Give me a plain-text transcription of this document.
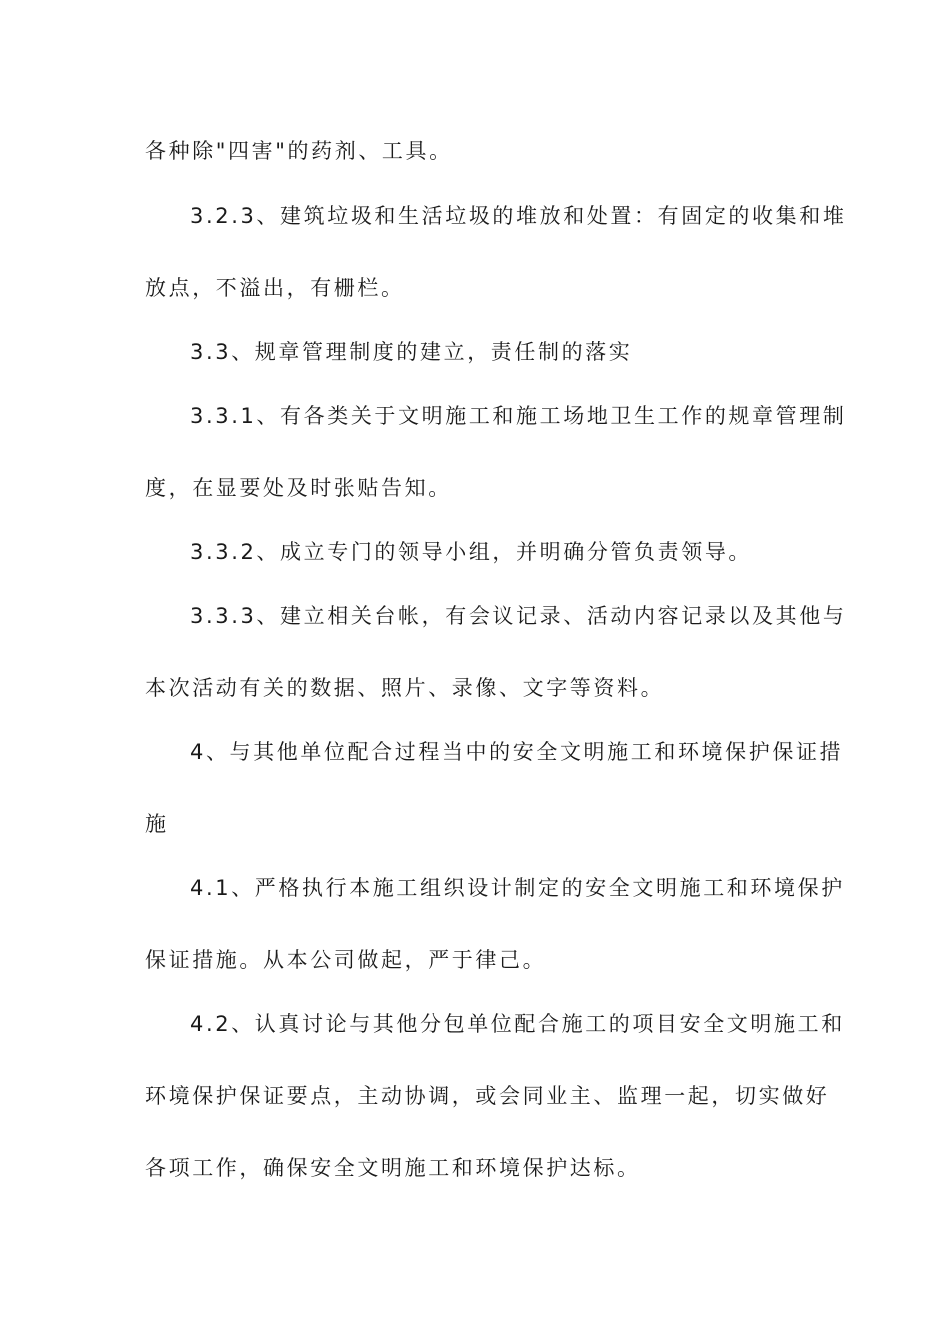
各种除"四害"的药剂、工具。
3.2.3、建筑垃圾和生活垃圾的堆放和处置：有固定的收集和堆
放点，不溢出，有栅栏。
3.3、规章管理制度的建立，责任制的落实
3.3.1、有各类关于文明施工和施工场地卫生工作的规章管理制
度，在显要处及时张贴告知。
3.3.2、成立专门的领导小组，并明确分管负责领导。
3.3.3、建立相关台帐，有会议记录、活动内容记录以及其他与
本次活动有关的数据、照片、录像、文字等资料。
4、与其他单位配合过程当中的安全文明施工和环境保护保证措
施
4.1、严格执行本施工组织设计制定的安全文明施工和环境保护
保证措施。从本公司做起，严于律己。
4.2、认真讨论与其他分包单位配合施工的项目安全文明施工和
环境保护保证要点，主动协调，或会同业主、监理一起，切实做好
各项工作，确保安全文明施工和环境保护达标。
